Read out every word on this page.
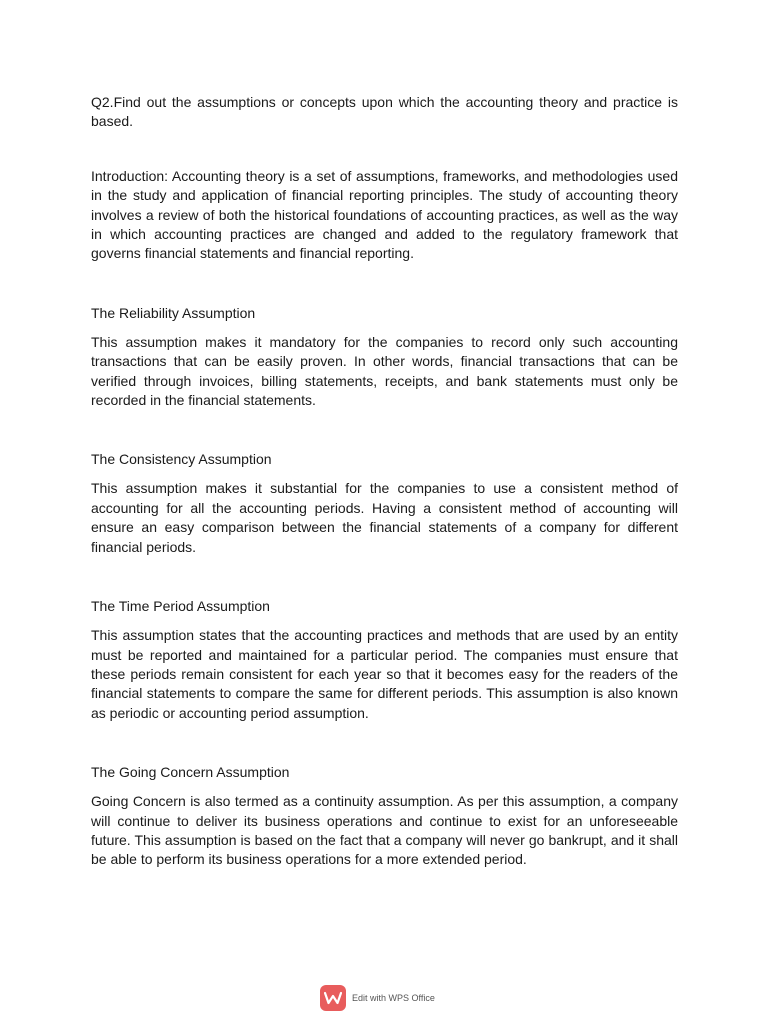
Q2.Find out the assumptions or concepts upon which the accounting theory and practice is based.

Introduction: Accounting theory is a set of assumptions, frameworks, and methodologies used in the study and application of financial reporting principles. The study of accounting theory involves a review of both the historical foundations of accounting practices, as well as the way in which accounting practices are changed and added to the regulatory framework that governs financial statements and financial reporting.

The Reliability Assumption

This assumption makes it mandatory for the companies to record only such accounting transactions that can be easily proven. In other words, financial transactions that can be verified through invoices, billing statements, receipts, and bank statements must only be recorded in the financial statements.

The Consistency Assumption

This assumption makes it substantial for the companies to use a consistent method of accounting for all the accounting periods. Having a consistent method of accounting will ensure an easy comparison between the financial statements of a company for different financial periods.

The Time Period Assumption

This assumption states that the accounting practices and methods that are used by an entity must be reported and maintained for a particular period. The companies must ensure that these periods remain consistent for each year so that it becomes easy for the readers of the financial statements to compare the same for different periods. This assumption is also known as periodic or accounting period assumption.

The Going Concern Assumption

Going Concern is also termed as a continuity assumption. As per this assumption, a company will continue to deliver its business operations and continue to exist for an unforeseeable future. This assumption is based on the fact that a company will never go bankrupt, and it shall be able to perform its business operations for a more extended period.

Edit with WPS Office
